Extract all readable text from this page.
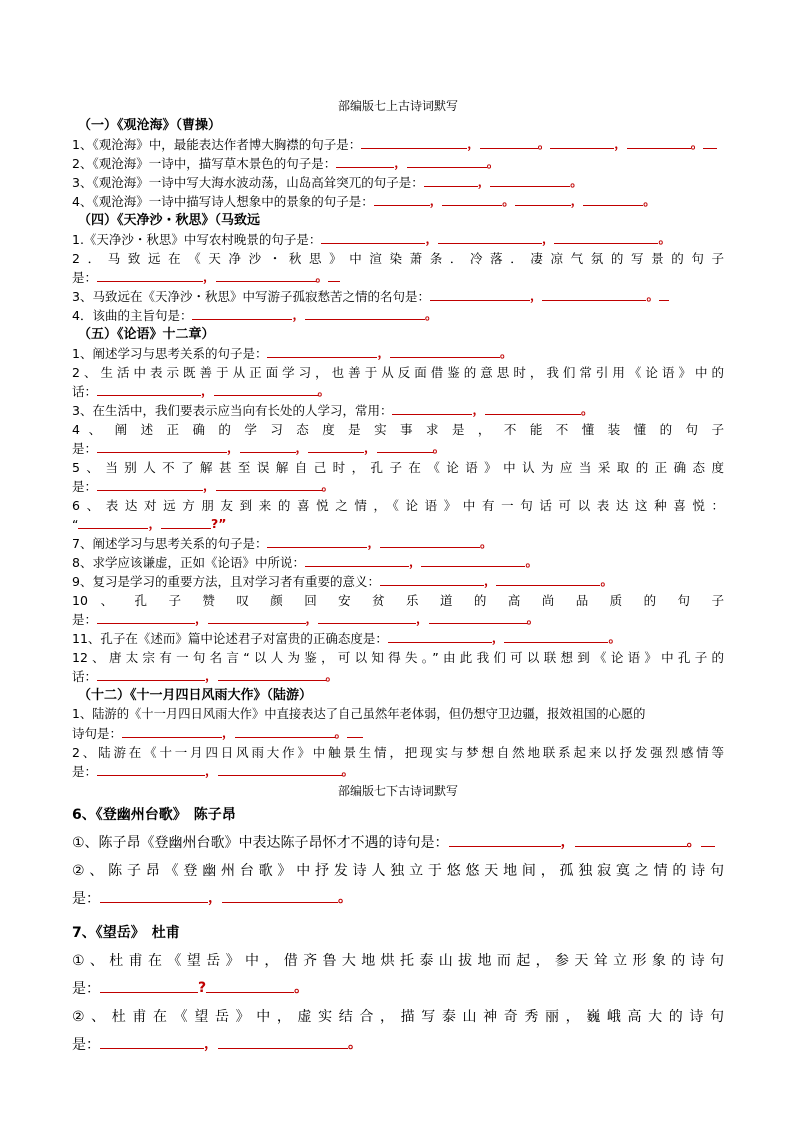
部编版七上古诗词默写
（一）《观沧海》（曹操）
1、《观沧海》中，最能表达作者博大胸襟的句子是：	，	。	，	。
2、《观沧海》一诗中，描写草木景色的句子是：	，	。
3、《观沧海》一诗中写大海水波动荡，山岛高耸突兀的句子是：	，	。
4、《观沧海》一诗中描写诗人想象中的景象的句子是：	，	。	，	。
（四）《天净沙・秋思》（马致远
1.《天净沙・秋思》中写农村晚景的句子是：	，	，	。
2．马致远在《天净沙・秋思》中渲染萧条．冷落．凄凉气氛的写景的句子
是：	，	。
3、马致远在《天净沙・秋思》中写游子孤寂愁苦之情的名句是：	，	。
4．该曲的主旨句是：	，	。
（五）《论语》十二章）
1、阐述学习与思考关系的句子是：	，	。
2、生活中表示既善于从正面学习，也善于从反面借鉴的意思时，我们常引用《论语》中的
话：	，	。
3、在生活中，我们要表示应当向有长处的人学习，常用：	，	。
4 、 阐 述 正 确 的 学 习 态 度 是 实 事 求 是 ， 不 能 不 懂 装 懂 的 句 子
是：	，	，	，	。
5、当别人不了解甚至误解自己时，孔子在《论语》中认为应当采取的正确态度
是：	，	。
6、表达对远方朋友到来的喜悦之情，《论语》中有一句话可以表达这种喜悦：
“	，	?”
7、阐述学习与思考关系的句子是：	，	。
8、求学应该谦虚，正如《论语》中所说：	，	。
9、复习是学习的重要方法，且对学习者有重要的意义：	，	。
10 、 孔 子 赞 叹 颜 回 安 贫 乐 道 的 高 尚 品 质 的 句 子
是：	，	，	，	。
11、孔子在《述而》篇中论述君子对富贵的正确态度是：	，	。
12、唐太宗有一句名言“以人为鉴，可以知得失。”由此我们可以联想到《论语》中孔子的
话：	，	。
（十二）《十一月四日风雨大作》（陆游）
1、陆游的《十一月四日风雨大作》中直接表达了自己虽然年老体弱，但仍想守卫边疆，报效祖国的心愿的
诗句是：	，	。
2、陆游在《十一月四日风雨大作》中触景生情，把现实与梦想自然地联系起来以抒发强烈感情等
是：	，	。
部编版七下古诗词默写
6、《登幽州台歌》　陈子昂
①、陈子昂《登幽州台歌》中表达陈子昂怀才不遇的诗句是：	，	。
②、陈子昂《登幽州台歌》中抒发诗人独立于悠悠天地间，孤独寂寞之情的诗句
是：	，	。
7、《望岳》　杜甫
①、杜甫在《望岳》中，借齐鲁大地烘托泰山拔地而起，参天耸立形象的诗句
是：	?	。
②、杜甫在《望岳》中，虚实结合，描写泰山神奇秀丽，巍峨高大的诗句
是：	，	。
